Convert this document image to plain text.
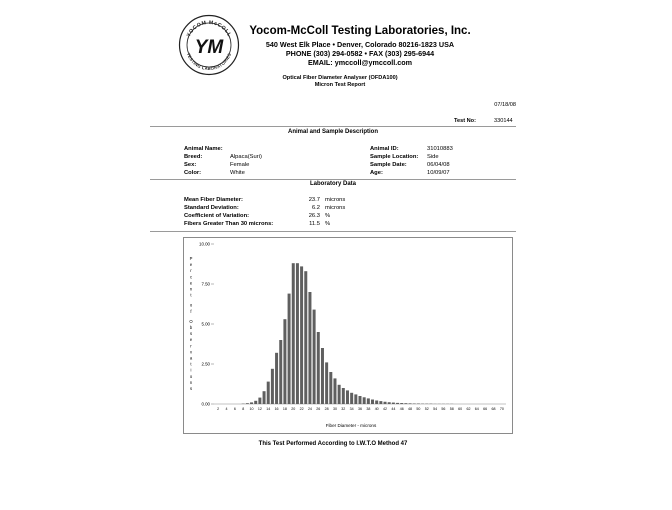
YOCOM McCOLL
TESTING LABORATORIES
YM
Yocom-McColl Testing Laboratories, Inc.
540 West Elk Place • Denver, Colorado 80216-1823 USA
PHONE (303) 294-0582 • FAX (303) 295-6944
EMAIL: ymccoll@ymccoll.com
Optical Fiber Diameter Analyser (OFDA100)
Micron Test Report
07/18/08
Test No:	330144
Animal and Sample Description
Animal Name:
Breed:	Alpaca(Suri)
Sex:	Female
Color:	White
Animal ID:	31010883
Sample Location: Side
Sample Date:	06/04/08
Age:	10/09/07
Laboratory Data
Mean Fiber Diameter:	23.7 microns
Standard Deviation:	6.2 microns
Coefficient of Variation:	26.3 %
Fibers Greater Than 30 microns:	11.5 %
P
e
r
c
e
n
t
o
f
O
b
s
e
r
v
a
t
i
o
n
s
0.00
2.50
5.00
7.50
10.00
2 4 6 8 10 12 14 16 18 20 22 24 26 28 30 32 34 36 38 40 42 44 46 48 50 52 54 56 58 60 62 64 66 68 70
Fiber Diameter - microns
This Test Performed According to I.W.T.O Method 47
